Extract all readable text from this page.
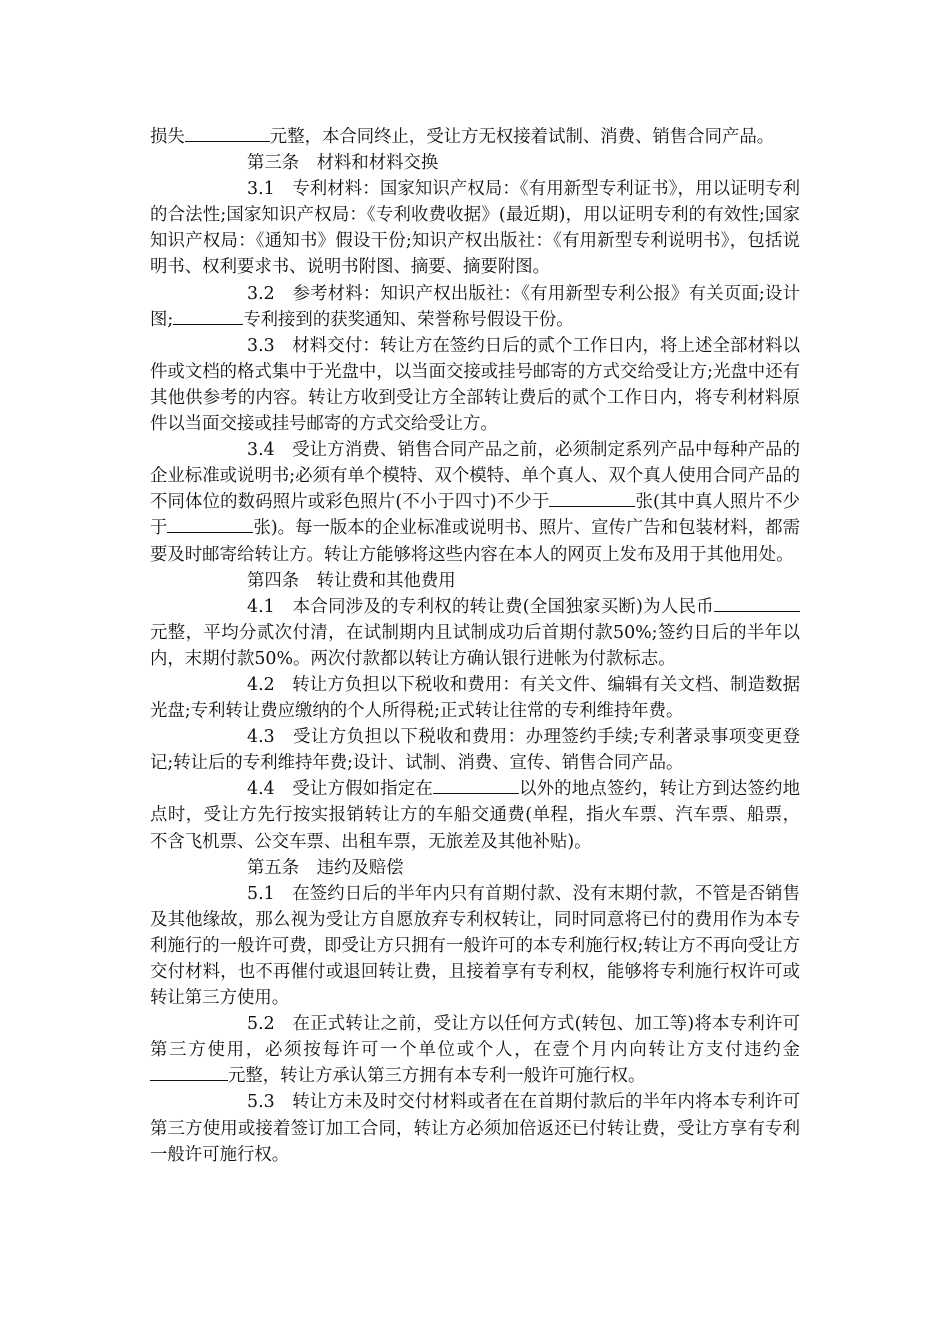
损失	元整，本合同终止，受让方无权接着试制、消费、销售合同产品。

第三条　材料和材料交换

3.1　专利材料：国家知识产权局：《有用新型专利证书》，用以证明专利的合法性;国家知识产权局：《专利收费收据》(最近期)，用以证明专利的有效性;国家知识产权局：《通知书》假设干份;知识产权出版社：《有用新型专利说明书》，包括说明书、权利要求书、说明书附图、摘要、摘要附图。

3.2　参考材料：知识产权出版社：《有用新型专利公报》有关页面;设计图;	专利接到的获奖通知、荣誉称号假设干份。

3.3　材料交付：转让方在签约日后的贰个工作日内，将上述全部材料以件或文档的格式集中于光盘中，以当面交接或挂号邮寄的方式交给受让方;光盘中还有其他供参考的内容。转让方收到受让方全部转让费后的贰个工作日内，将专利材料原件以当面交接或挂号邮寄的方式交给受让方。

3.4　受让方消费、销售合同产品之前，必须制定系列产品中每种产品的企业标准或说明书;必须有单个模特、双个模特、单个真人、双个真人使用合同产品的不同体位的数码照片或彩色照片(不小于四寸)不少于	张(其中真人照片不少于	张)。每一版本的企业标准或说明书、照片、宣传广告和包装材料，都需要及时邮寄给转让方。转让方能够将这些内容在本人的网页上发布及用于其他用处。

第四条　转让费和其他费用

4.1　本合同涉及的专利权的转让费(全国独家买断)为人民币元整，平均分贰次付清，在试制期内且试制成功后首期付款50%;签约日后的半年以内，末期付款50%。两次付款都以转让方确认银行进帐为付款标志。

4.2　转让方负担以下税收和费用：有关文件、编辑有关文档、制造数据光盘;专利转让费应缴纳的个人所得税;正式转让往常的专利维持年费。

4.3　受让方负担以下税收和费用：办理签约手续;专利著录事项变更登记;转让后的专利维持年费;设计、试制、消费、宣传、销售合同产品。

4.4　受让方假如指定在	以外的地点签约，转让方到达签约地点时，受让方先行按实报销转让方的车船交通费(单程，指火车票、汽车票、船票，不含飞机票、公交车票、出租车票，无旅差及其他补贴)。

第五条　违约及赔偿

5.1　在签约日后的半年内只有首期付款、没有末期付款，不管是否销售及其他缘故，那么视为受让方自愿放弃专利权转让，同时同意将已付的费用作为本专利施行的一般许可费，即受让方只拥有一般许可的本专利施行权;转让方不再向受让方交付材料，也不再催付或退回转让费，且接着享有专利权，能够将专利施行权许可或转让第三方使用。

5.2　在正式转让之前，受让方以任何方式(转包、加工等)将本专利许可第三方使用，必须按每许可一个单位或个人，在壹个月内向转让方支付违约金元整，转让方承认第三方拥有本专利一般许可施行权。

5.3　转让方未及时交付材料或者在在首期付款后的半年内将本专利许可第三方使用或接着签订加工合同，转让方必须加倍返还已付转让费，受让方享有专利一般许可施行权。
